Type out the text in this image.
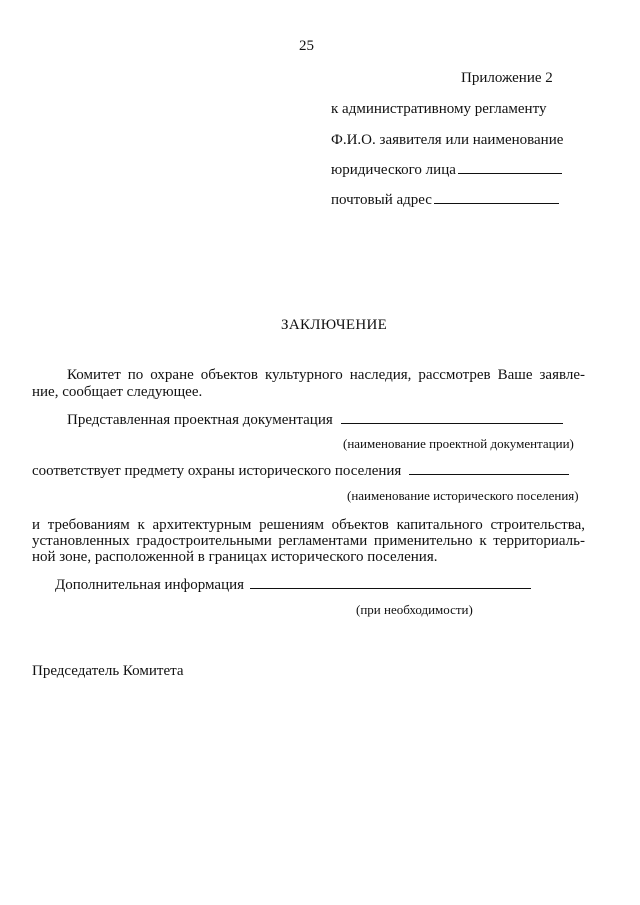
25
Приложение 2
к административному регламенту
Ф.И.О. заявителя или наименование
юридического лица
почтовый адрес
ЗАКЛЮЧЕНИЕ
Комитет по охране объектов культурного наследия, рассмотрев Ваше заявле-
ние, сообщает следующее.
Представленная проектная документация
(наименование проектной документации)
соответствует предмету охраны исторического поселения
(наименование исторического поселения)
и требованиям к архитектурным решениям объектов капитального строительства,
установленных градостроительными регламентами применительно к территориаль-
ной зоне, расположенной в границах исторического поселения.
Дополнительная информация
(при необходимости)
Председатель Комитета
